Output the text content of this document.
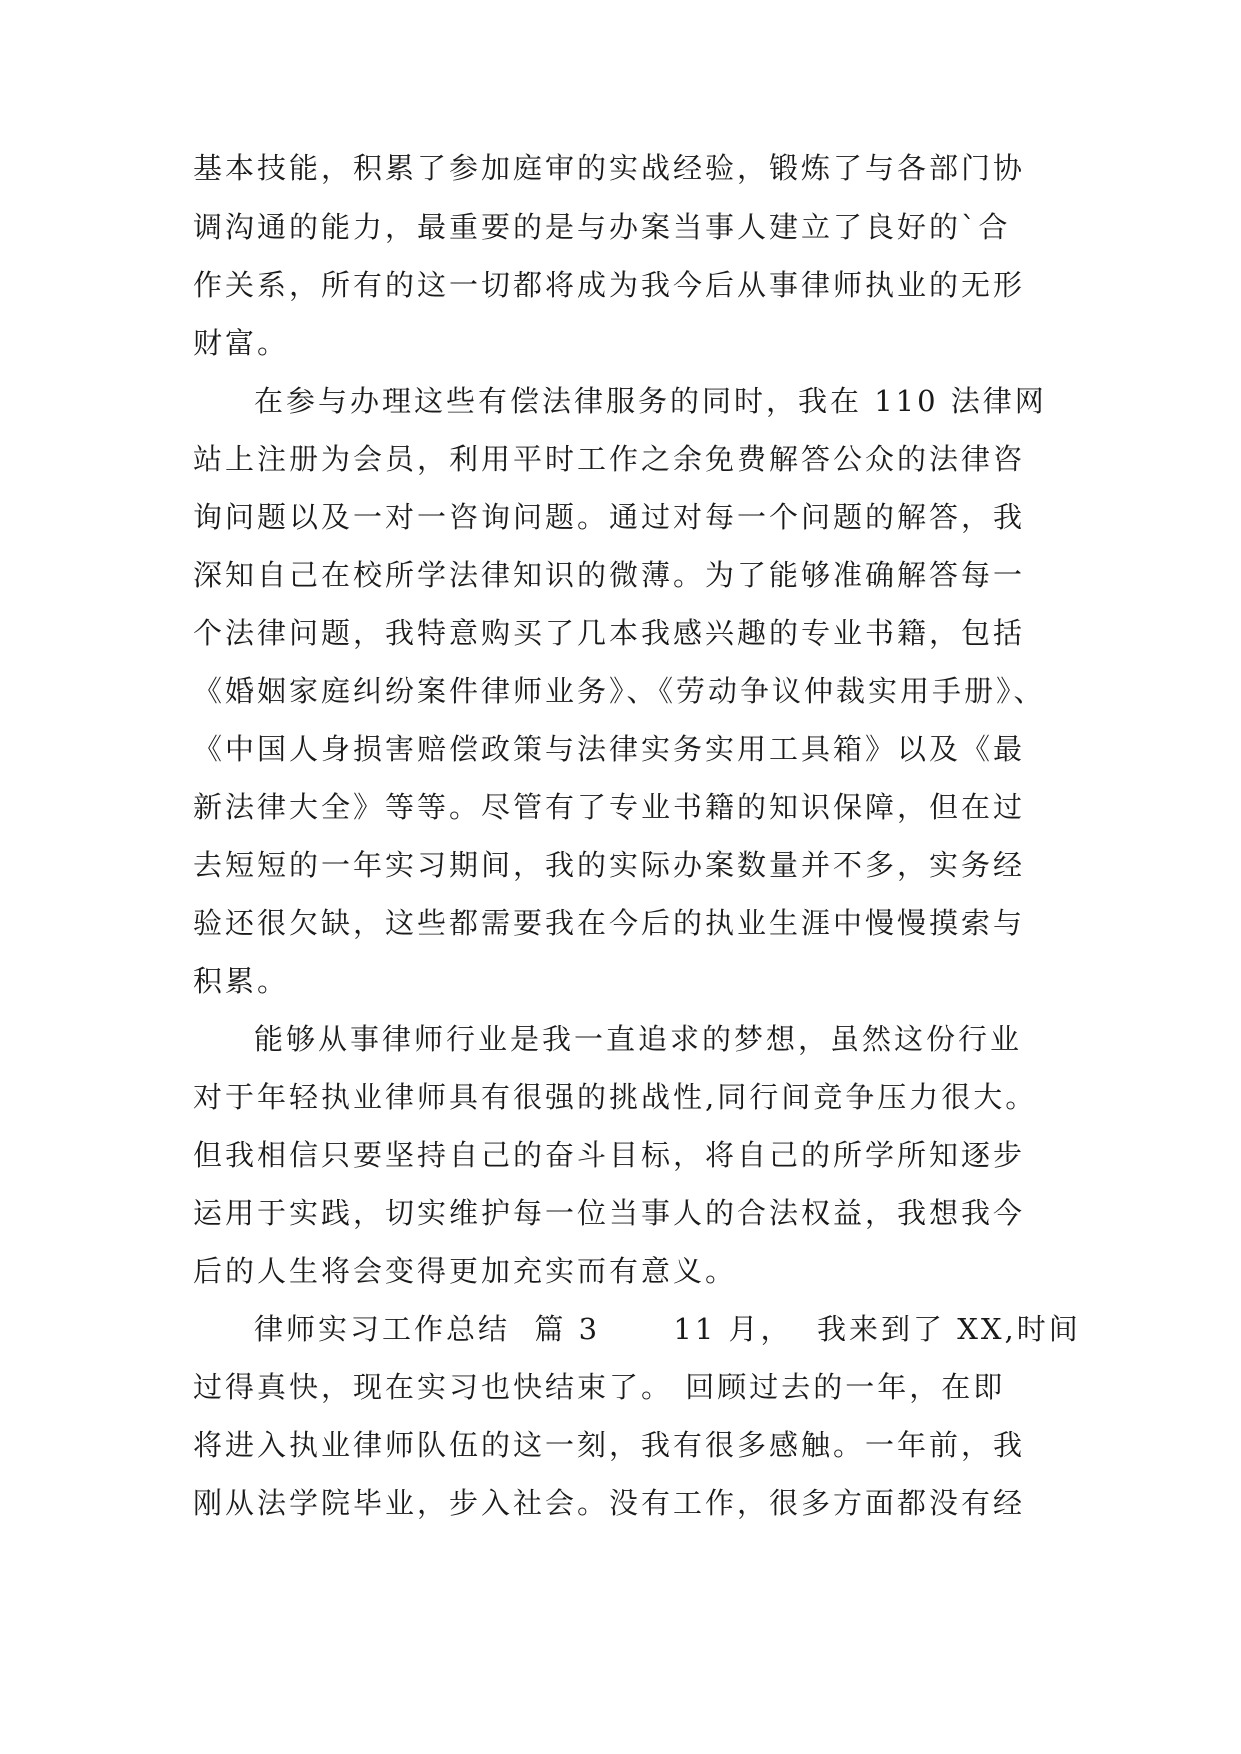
基本技能，积累了参加庭审的实战经验，锻炼了与各部门协
调沟通的能力，最重要的是与办案当事人建立了良好的`合
作关系，所有的这一切都将成为我今后从事律师执业的无形
财富。
在参与办理这些有偿法律服务的同时，我在 110 法律网
站上注册为会员，利用平时工作之余免费解答公众的法律咨
询问题以及一对一咨询问题。通过对每一个问题的解答，我
深知自己在校所学法律知识的微薄。为了能够准确解答每一
个法律问题，我特意购买了几本我感兴趣的专业书籍，包括
《婚姻家庭纠纷案件律师业务》、《劳动争议仲裁实用手册》、
《中国人身损害赔偿政策与法律实务实用工具箱》以及《最
新法律大全》等等。尽管有了专业书籍的知识保障，但在过
去短短的一年实习期间，我的实际办案数量并不多，实务经
验还很欠缺，这些都需要我在今后的执业生涯中慢慢摸索与
积累。
能够从事律师行业是我一直追求的梦想，虽然这份行业
对于年轻执业律师具有很强的挑战性,同行间竞争压力很大。
但我相信只要坚持自己的奋斗目标，将自己的所学所知逐步
运用于实践，切实维护每一位当事人的合法权益，我想我今
后的人生将会变得更加充实而有意义。
律师实习工作总结  篇 3      11 月，  我来到了 XX,时间
过得真快，现在实习也快结束了。 回顾过去的一年，在即
将进入执业律师队伍的这一刻，我有很多感触。一年前，我
刚从法学院毕业，步入社会。没有工作，很多方面都没有经
